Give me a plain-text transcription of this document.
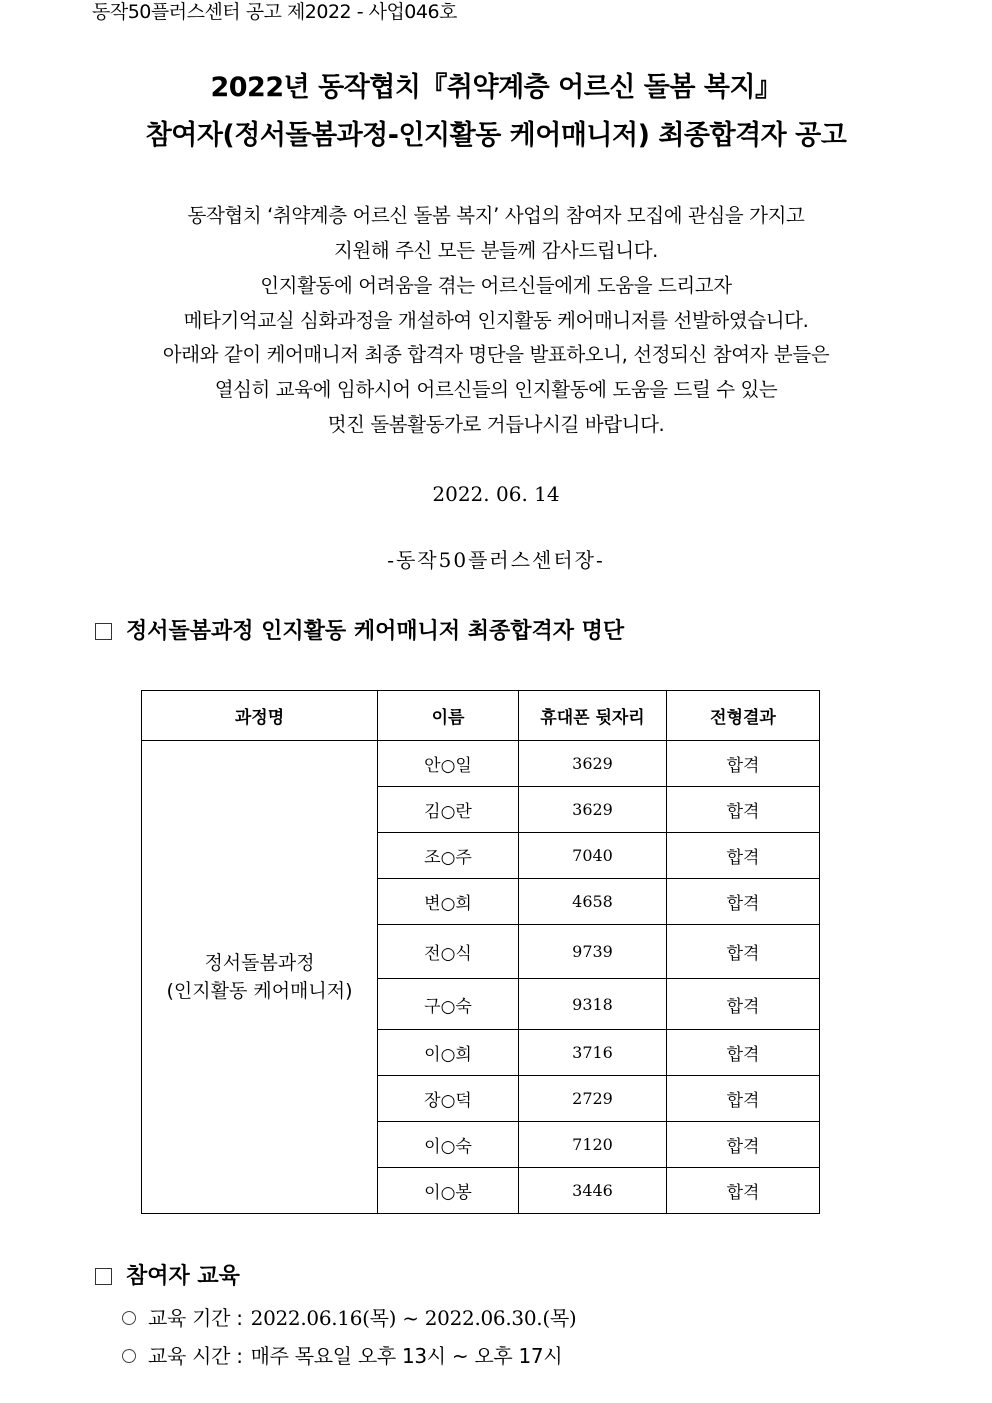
동작50플러스센터 공고 제2022 - 사업046호
2022년 동작협치『취약계층 어르신 돌봄 복지』
참여자(정서돌봄과정-인지활동 케어매니저) 최종합격자 공고
동작협치 ‘취약계층 어르신 돌봄 복지’ 사업의 참여자 모집에 관심을 가지고
지원해 주신 모든 분들께 감사드립니다.
인지활동에 어려움을 겪는 어르신들에게 도움을 드리고자
메타기억교실 심화과정을 개설하여 인지활동 케어매니저를 선발하였습니다.
아래와 같이 케어매니저 최종 합격자 명단을 발표하오니, 선정되신 참여자 분들은
열심히 교육에 임하시어 어르신들의 인지활동에 도움을 드릴 수 있는
멋진 돌봄활동가로 거듭나시길 바랍니다.
2022. 06. 14
-동작50플러스센터장-
정서돌봄과정 인지활동 케어매니저 최종합격자 명단
과정명	이름	휴대폰 뒷자리	전형결과

정서돌봄과정
(인지활동 케어매니저)	안○일	3629	합격
	김○란	3629	합격
	조○주	7040	합격
	변○희	4658	합격
	전○식	9739	합격
	구○숙	9318	합격
	이○희	3716	합격
	장○덕	2729	합격
	이○숙	7120	합격
	이○봉	3446	합격
참여자 교육
교육 기간 : 2022.06.16(목) ~ 2022.06.30.(목)
교육 시간 : 매주 목요일 오후 13시 ~ 오후 17시
